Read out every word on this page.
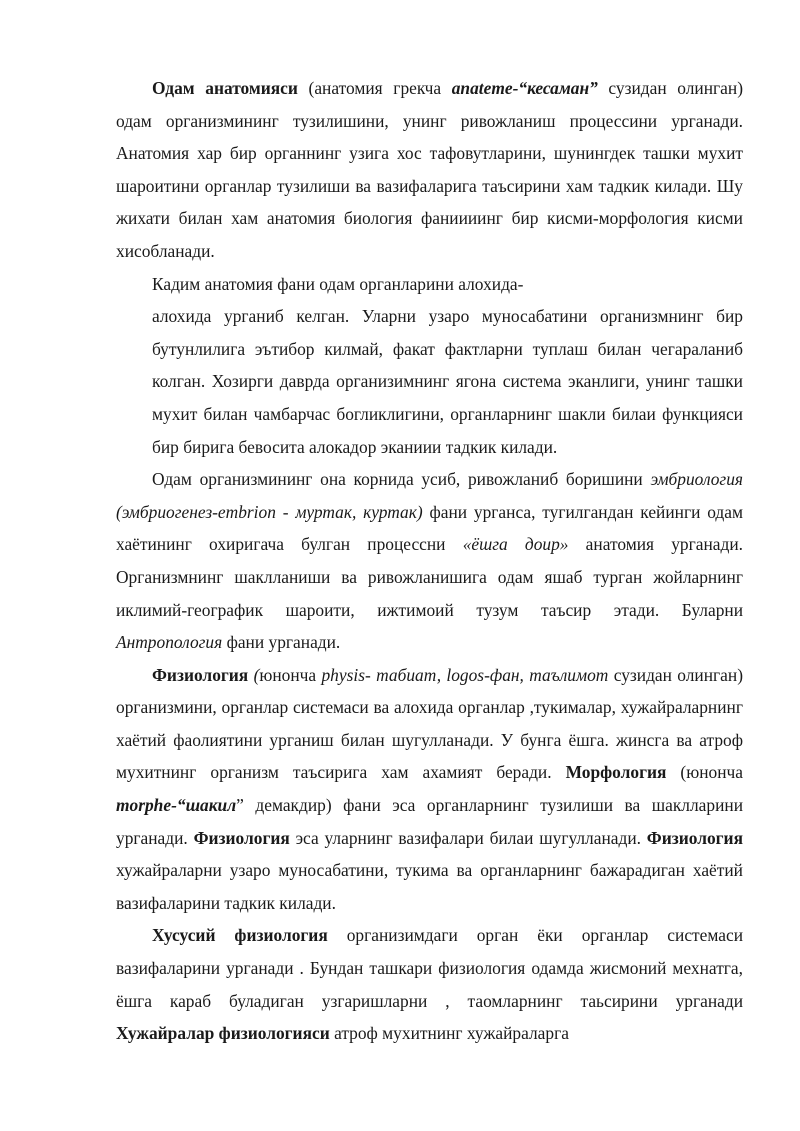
Одам анатомияси (анатомия грекча anateme-“кесаман” сузидан олинган) одам организмининг тузилишини, унинг ривожланиш процессини урганади. Анатомия хар бир органнинг узига хос тафовутларини, шунингдек ташки мухит шароитини органлар тузилиши ва вазифаларига таъсирини хам тадкик килади. Шу жихати билан хам анатомия биология фаниииинг бир кисми-морфология кисми хисобланади.

Кадим анатомия фани одам органларини алохида-

алохида урганиб келган. Уларни узаро муносабатини организмнинг бир бутунлилига эътибор килмай, факат фактларни туплаш билан чегараланиб колган. Хозирги даврда организимнинг ягона система эканлиги, унинг ташки мухит билан чамбарчас богликлигини, органларнинг шакли билаи функцияси бир бирига бевосита алокадор эканиии тадкик килади.

Одам организмининг она корнида усиб, ривожланиб боришини эмбриология (эмбриогенез-embrion - муртак, куртак) фани урганса, тугилгандан кейинги одам хаётининг охиригача булган процессни «ёшга доир» анатомия урганади. Организмнинг шаклланиши ва ривожланишига одам яшаб турган жойларнинг иклимий-географик шароити, ижтимоий тузум таъсир этади. Буларни Антропология фани урганади.

Физиология (юнонча physis- табиат, logos-фан, таълимот сузидан олинган) организмини, органлар системаси ва алохида органлар ,тукималар, хужайраларнинг хаётий фаолиятини урганиш билан шугулланади. У бунга ёшга. жинсга ва атроф мухитнинг организм таъсирига хам ахамият беради. Морфология (юнонча morphe-“шакил” демакдир) фани эса органларнинг тузилиши ва шаклларини урганади. Физиология эса уларнинг вазифалари билаи шугулланади. Физиология хужайраларни узаро муносабатини, тукима ва органларнинг бажарадиган хаётий вазифаларини тадкик килади.

Хусусий физиология организимдаги орган ёки органлар системаси вазифаларини урганади . Бундан ташкари физиология одамда жисмоний мехнатга, ёшга караб буладиган узгаришларни , таомларнинг таьсирини урганади Хужайралар физиологияси атроф мухитнинг хужайраларга
